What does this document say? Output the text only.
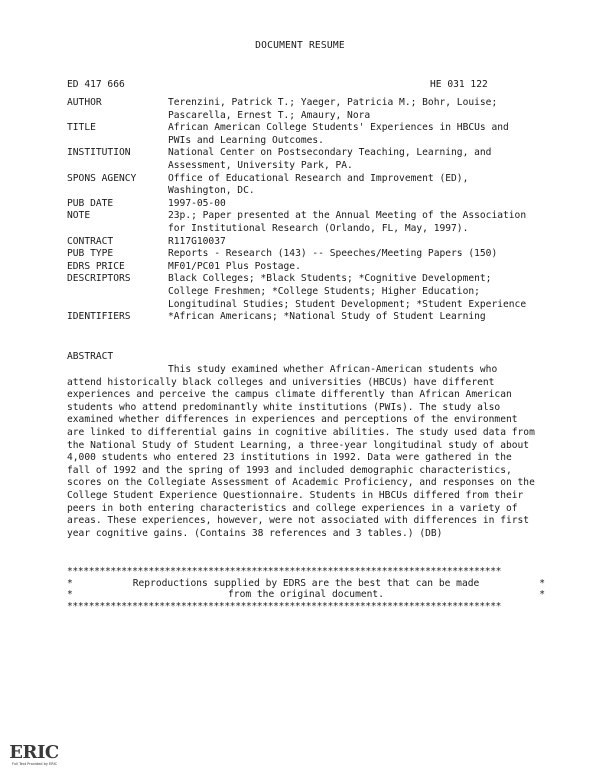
DOCUMENT RESUME
ED 417 666	HE 031 122
AUTHOR	Terenzini, Patrick T.; Yaeger, Patricia M.; Bohr, Louise; Pascarella, Ernest T.; Amaury, Nora
TITLE	African American College Students' Experiences in HBCUs and PWIs and Learning Outcomes.
INSTITUTION	National Center on Postsecondary Teaching, Learning, and Assessment, University Park, PA.
SPONS AGENCY	Office of Educational Research and Improvement (ED), Washington, DC.
PUB DATE	1997-05-00
NOTE	23p.; Paper presented at the Annual Meeting of the Association for Institutional Research (Orlando, FL, May, 1997).
CONTRACT	R117G10037
PUB TYPE	Reports - Research (143) -- Speeches/Meeting Papers (150)
EDRS PRICE	MF01/PC01 Plus Postage.
DESCRIPTORS	Black Colleges; *Black Students; *Cognitive Development; College Freshmen; *College Students; Higher Education; Longitudinal Studies; Student Development; *Student Experience
IDENTIFIERS	*African Americans; *National Study of Student Learning
ABSTRACT
This study examined whether African-American students who attend historically black colleges and universities (HBCUs) have different experiences and perceive the campus climate differently than African American students who attend predominantly white institutions (PWIs). The study also examined whether differences in experiences and perceptions of the environment are linked to differential gains in cognitive abilities. The study used data from the National Study of Student Learning, a three-year longitudinal study of about 4,000 students who entered 23 institutions in 1992. Data were gathered in the fall of 1992 and the spring of 1993 and included demographic characteristics, scores on the Collegiate Assessment of Academic Proficiency, and responses on the College Student Experience Questionnaire. Students in HBCUs differed from their peers in both entering characteristics and college experiences in a variety of areas. These experiences, however, were not associated with differences in first year cognitive gains. (Contains 38 references and 3 tables.) (DB)
********************************************************************************
*	Reproductions supplied by EDRS are the best that can be made	*
*	from the original document.	*
********************************************************************************
ERIC
Full Text Provided by ERIC
